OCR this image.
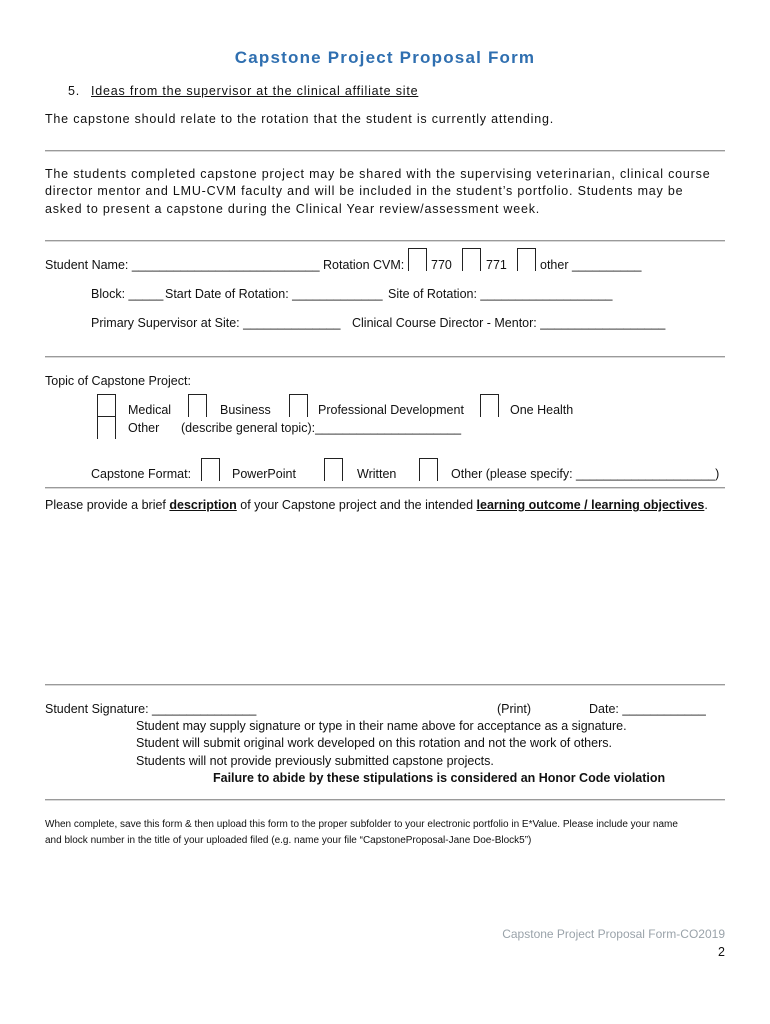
Capstone Project Proposal Form
5. Ideas from the supervisor at the clinical affiliate site
The capstone should relate to the rotation that the student is currently attending.
The students completed capstone project may be shared with the supervising veterinarian, clinical course
director mentor and LMU-CVM faculty and will be included in the student’s portfolio. Students may be
asked to present a capstone during the Clinical Year review/assessment week.
Student Name: ___________________________ Rotation CVM: 770	771	other __________
Block: _____ Start Date of Rotation: _____________ Site of Rotation: ___________________
Primary Supervisor at Site: ______________ Clinical Course Director - Mentor: __________________
Topic of Capstone Project:
Medical	Business	Professional Development	One Health
Other (describe general topic):_____________________
Capstone Format:	PowerPoint	Written	Other (please specify: ____________________)
Please provide a brief description of your Capstone project and the intended learning outcome / learning objectives.
Student Signature: _______________	(Print)	Date: ____________
Student may supply signature or type in their name above for acceptance as a signature.
Student will submit original work developed on this rotation and not the work of others.
Students will not provide previously submitted capstone projects.
Failure to abide by these stipulations is considered an Honor Code violation
When complete, save this form & then upload this form to the proper subfolder to your electronic portfolio in E*Value. Please include your name
and block number in the title of your uploaded filed (e.g. name your file “CapstoneProposal-Jane Doe-Block5”)
Capstone Project Proposal Form-CO2019
2
